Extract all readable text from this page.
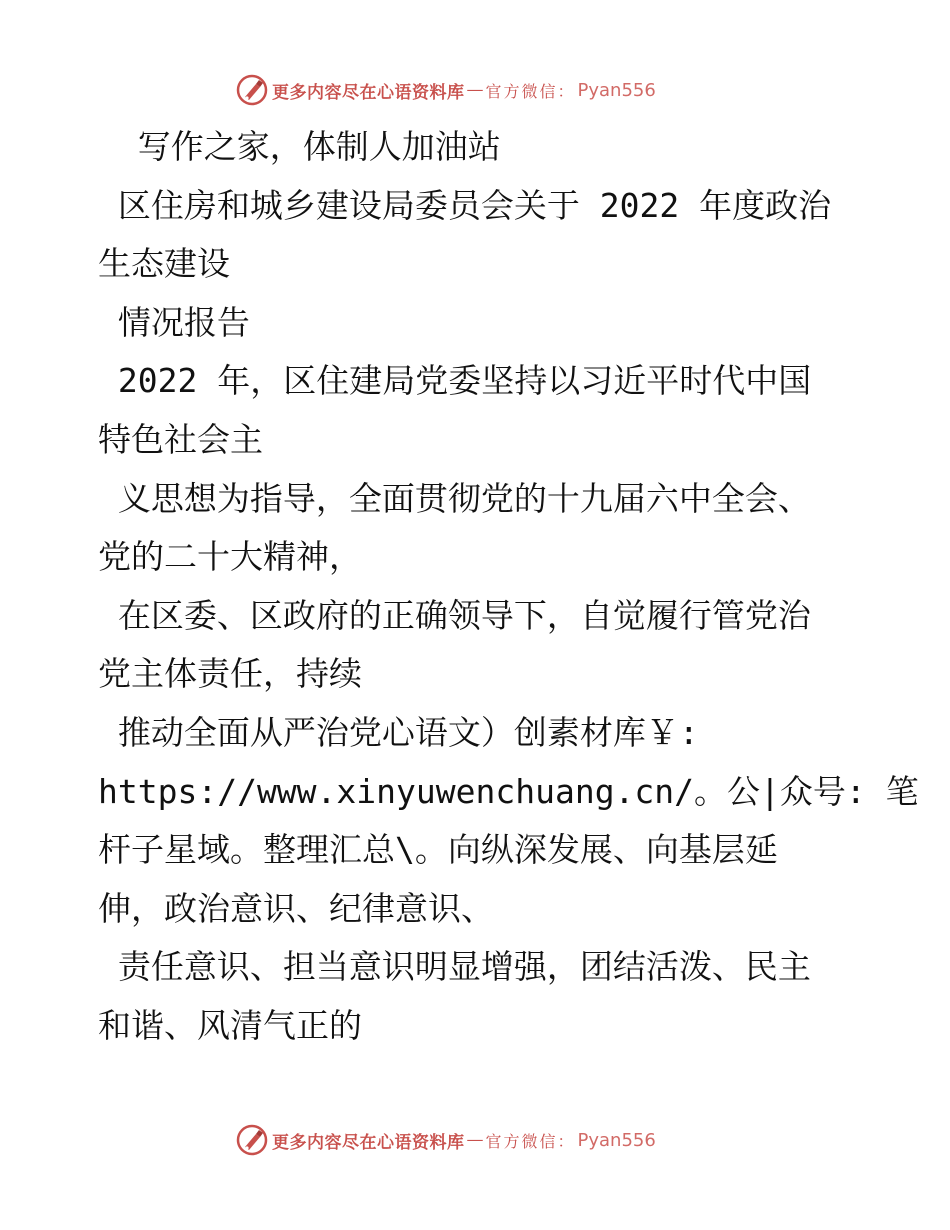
更多内容尽在心语资料库 — 官方微信： Pyan556

写作之家，体制人加油站

区住房和城乡建设局委员会关于 2022 年度政治

生态建设

情况报告

2022 年，区住建局党委坚持以习近平时代中国

特色社会主

义思想为指导，全面贯彻党的十九届六中全会、

党的二十大精神，

在区委、区政府的正确领导下，自觉履行管党治

党主体责任，持续

推动全面从严治党心语文）创素材库￥:

https://www.xinyuwenchuang.cn/。公|众号: 笔

杆子星域。整理汇总\。向纵深发展、向基层延

伸，政治意识、纪律意识、

责任意识、担当意识明显增强，团结活泼、民主

和谐、风清气正的

更多内容尽在心语资料库 — 官方微信： Pyan556
